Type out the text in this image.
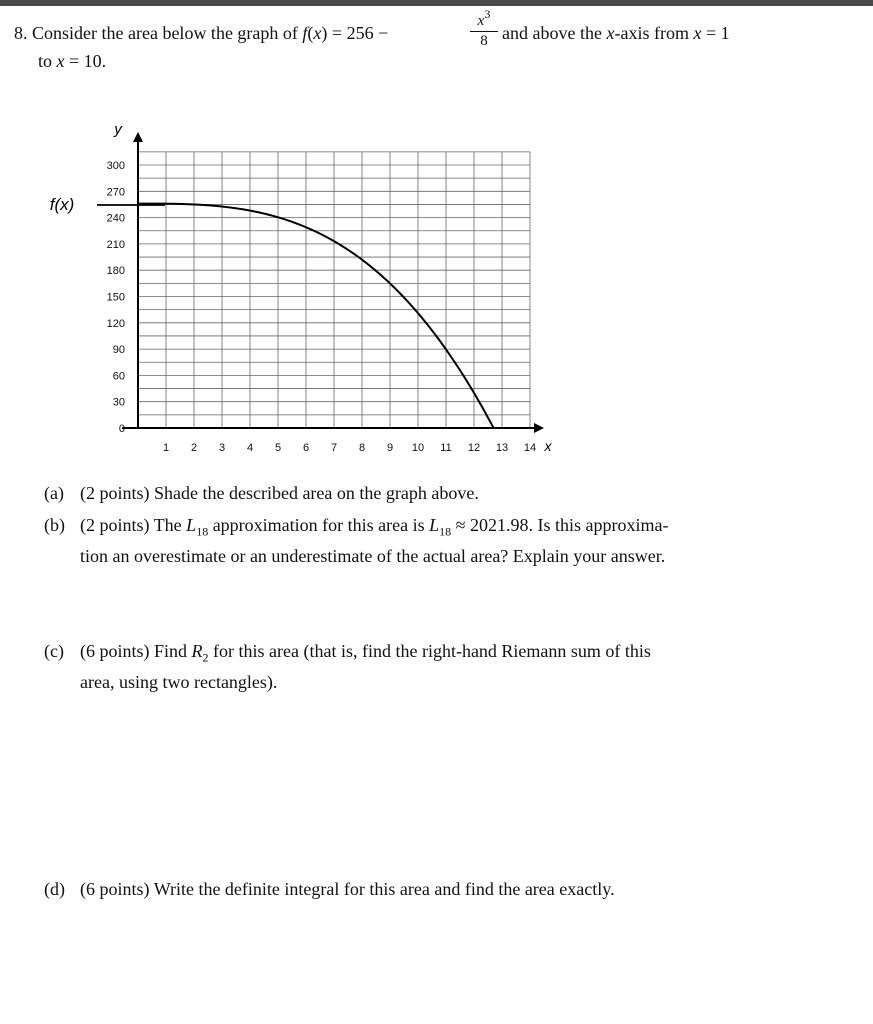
8. Consider the area below the graph of f(x) = 256 −	$\frac{x^3}{8}$ and above the x-axis from x = 1
to x = 10.
0
30
60
90
120
150
180
210
240
270
300
1 2 3 4 5 6 7 8 9 10 11 12 13 14
y
x
f(x)
(a) (2 points) Shade the described area on the graph above.
(b) (2 points) The $L_{18}$ approximation for this area is $L_{18} \approx 2021.98$. Is this approxima-
tion an overestimate or an underestimate of the actual area? Explain your answer.
(c) (6 points) Find $R_2$ for this area (that is, find the right-hand Riemann sum of this
area, using two rectangles).
(d) (6 points) Write the definite integral for this area and find the area exactly.
